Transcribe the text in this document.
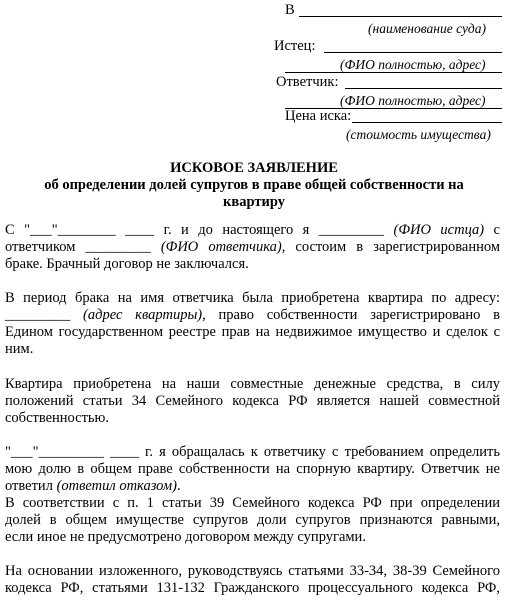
В
(наименование суда)
Истец:
(ФИО полностью, адрес)
Ответчик:
(ФИО полностью, адрес)
Цена иска:
(стоимость имущества)
ИСКОВОЕ ЗАЯВЛЕНИЕ
об определении долей супругов в праве общей собственности на
квартиру
С "___"________ ____ г. и до настоящего я _________ (ФИО истца) с
ответчиком _________ (ФИО ответчика), состоим в зарегистрированном
браке. Брачный договор не заключался.
В период брака на имя ответчика была приобретена квартира по адресу:
_________ (адрес квартиры), право собственности зарегистрировано в
Едином государственном реестре прав на недвижимое имущество и сделок с
ним.
Квартира приобретена на наши совместные денежные средства, в силу
положений статьи 34 Семейного кодекса РФ является нашей совместной
собственностью.
"___"_________ ____ г. я обращалась к ответчику с требованием определить
мою долю в общем праве собственности на спорную квартиру. Ответчик не
ответил (ответил отказом).
В соответствии с п. 1 статьи 39 Семейного кодекса РФ при определении
долей в общем имуществе супругов доли супругов признаются равными,
если иное не предусмотрено договором между супругами.
На основании изложенного, руководствуясь статьями 33-34, 38-39 Семейного
кодекса РФ, статьями 131-132 Гражданского процессуального кодекса РФ,
